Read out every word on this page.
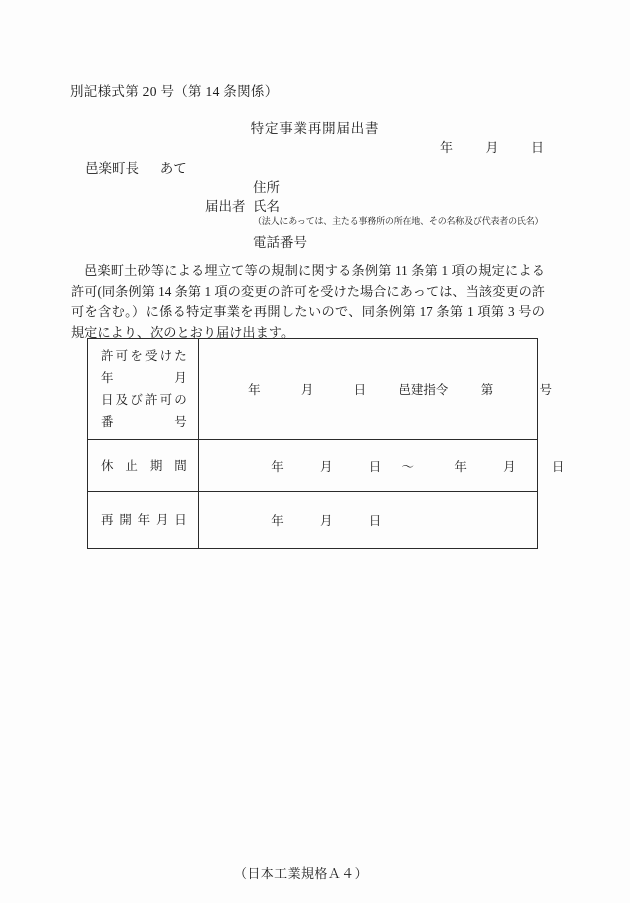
別記様式第 20 号（第 14 条関係）
特定事業再開届出書
年	月	日
邑楽町長 あて
住所
届出者 氏名
（法人にあっては、主たる事務所の所在地、その名称及び代表者の氏名）
電話番号
邑楽町土砂等による埋立て等の規制に関する条例第 11 条第 1 項の規定による許可(同条例第 14 条第 1 項の変更の許可を受けた場合にあっては、当該変更の許可を含む。）に係る特定事業を再開したいので、同条例第 17 条第 1 項第 3 号の規定により、次のとおり届け出ます。
許可を受けた年月
日及び許可の番号	年 月 日 邑建指令 第 号

休止期間	年 月 日 ～ 年 月 日

再開年月日	年 月 日
（日本工業規格Ａ４）
